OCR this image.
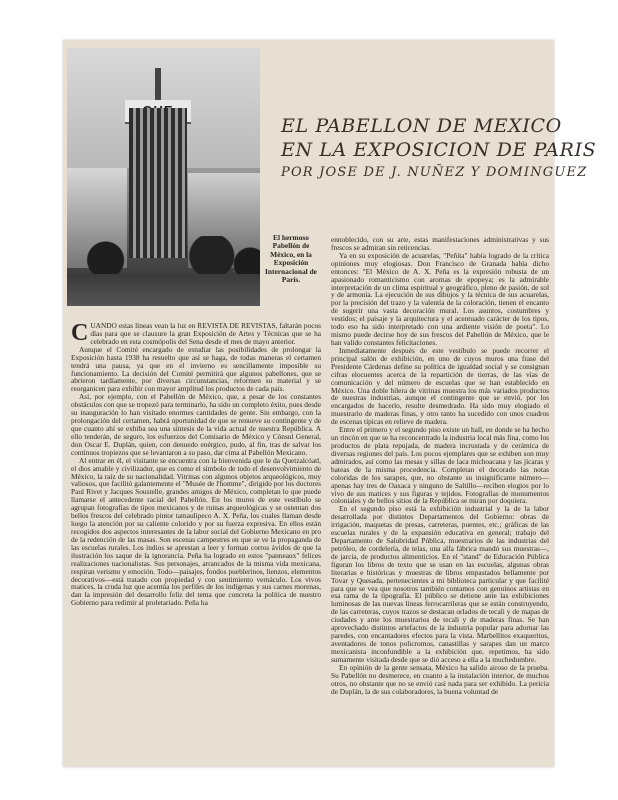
El hermoso Pabellón de México, en la Exposición Internacional de París.
EL PABELLON DE MEXICO
EN LA EXPOSICION DE PARIS
POR JOSE DE J. NUÑEZ Y DOMINGUEZ

CUANDO estas líneas vean la luz en REVISTA DE REVISTAS, faltarán pocos días para que se clausure la gran Exposición de Artes y Técnicas que se ha celebrado en esta cosmópolis del Sena desde el mes de mayo anterior.

Aunque el Comité encargado de estudiar las posibilidades de prolongar la Exposición hasta 1938 ha resuelto que así se haga, de todas maneras el certamen tendrá una pausa, ya que en el invierno es sencillamente imposible su funcionamiento. La decisión del Comité permitirá que algunos pabellones, que se abrieron tardíamente, por diversas circunstancias, reformen su material y se reorganicen para exhibir con mayor amplitud los productos de cada país.

Así, por ejemplo, con el Pabellón de México, que, a pesar de los constantes obstáculos con que se tropezó para terminarlo, ha sido un completo éxito, pues desde su inauguración lo han visitado enormes cantidades de gente. Sin embargo, con la prolongación del certamen, habrá oportunidad de que se renueve su contingente y de que cuanto ahí se exhiba sea una síntesis de la vida actual de nuestra República. A ello tenderán, de seguro, los esfuerzos del Comisario de México y Cónsul General, don Oscar E. Duplán, quien, con denuedo enérgico, pudo, al fin, tras de salvar los continuos tropiezos que se levantaron a su paso, dar cima al Pabellón Mexicano.

Al entrar en él, el visitante se encuentra con la bienvenida que le da Quetzalcóatl, el dios amable y civilizador, que es como el símbolo de todo el desenvolvimiento de México, la raíz de su nacionalidad. Vitrinas con algunos objetos arqueológicos, muy valiosos, que facilitó galantemente el "Musée de l'homme", dirigido por los doctores Paul Rivet y Jacques Soustelle, grandes amigos de México, completan lo que puede llamarse el antecedente racial del Pabellón. En los muros de este vestíbulo se agrupan fotografías de tipos mexicanos y de ruinas arqueológicas y se ostentan dos bellos frescos del celebrado pintor tamaulipeco A. X. Peña, los cuales llaman desde luego la atención por su caliente colorido y por su fuerza expresiva. En ellos están recogidos dos aspectos interesantes de la labor social del Gobierno Mexicano en pro de la redención de las masas. Son escenas campestres en que se ve la propaganda de las escuelas rurales. Los indios se aprestan a leer y forman corros ávidos de que la ilustración los saque de la ignorancia. Peña ha logrado en estos "panneaux" felices realizaciones nacionalistas. Sus personajes, arrancados de la misma vida mexicana, respiran verismo y emoción. Todo—paisajes, fondos pueblerinos, lienzos, elementos decorativos—está tratado con propiedad y con sentimiento vernáculo. Los vivos matices, la cruda luz que acentúa los perfiles de los indígenas y sus carnes morenas, dan la impresión del desarrollo feliz del tema que concreta la política de nuestro Gobierno para redimir al proletariado. Peña ha

ennoblecido, con su arte, estas manifestaciones administrativas y sus frescos se admiran sin reticencias.

Ya en su exposición de acuarelas, "Peñita" había logrado de la crítica opiniones muy elogiosas. Don Francisco de Granada había dicho entonces: "El México de A. X. Peña es la expresión robusta de un apasionado romanticismo con aromas de epopeya; es la admirable interpretación de un clima espiritual y geográfico, pleno de pasión, de sol y de armonía. La ejecución de sus dibujos y la técnica de sus acuarelas, por la precisión del trazo y la valentía de la coloración, tienen el encanto de sugerir una vasta decoración mural. Los asuntos, costumbres y vestidos; el paisaje y la arquitectura y el acentuado carácter de los tipos, todo eso ha sido interpretado con una ardiente visión de poeta". Lo mismo puede decirse hoy de sus frescos del Pabellón de México, que le han valido constantes felicitaciones.

Inmediatamente después de este vestíbulo se puede recorrer el principal salón de exhibición, en uno de cuyos muros una frase del Presidente Cárdenas define su política de igualdad social y se consignan cifras elocuentes acerca de la repartición de tierras, de las vías de comunicación y del número de escuelas que se han establecido en México. Una doble hilera de vitrinas muestra los más variados productos de nuestras industrias, aunque el contingente que se envió, por los encargados de hacerlo, resulte desmedrado. Ha sido muy elogiado el muestrario de maderas finas, y otro tanto ha sucedido con unos cuadros de escenas típicas en relieve de madera.

Entre el primero y el segundo piso existe un hall, en donde se ha hecho un rincón en que se ha reconcentrado la industria local más fina, como los productos de plata repujada, de madera incrustada y de cerámica de diversas regiones del país. Los pocos ejemplares que se exhiben son muy admirados, así como las mesas y sillas de laca michoacana y las jícaras y bateas de la misma procedencia. Completan el decorado las notas coloridas de los sarapes, que, no obstante su insignificante número—apenas hay tres de Oaxaca y ninguno de Saltillo—reciben elogios por lo vivo de sus matices y sus figuras y tejidos. Fotografías de monumentos coloniales y de bellos sitios de la República se miran por doquiera.

En el segundo piso está la exhibición industrial y la de la labor desarrollada por distintos Departamentos del Gobierno: obras de irrigación, maquetas de presas, carreteras, puentes, etc.; gráficas de las escuelas rurales y de la expansión educativa en general; trabajo del Departamento de Salubridad Pública, muestrarios de las industrias del petróleo, de cordelería, de telas, una alfa fábrica mandó sus muestras—, de jarcia, de productos alimenticios. En el "stand" de Educación Pública figuran los libros de texto que se usan en las escuelas, algunas obras literarias e históricas y muestras de libros empastados bellamente por Tovar y Quesada, pertenecientes a mi biblioteca particular y que facilité para que se vea que nosotros también contamos con genuinos artistas en esa rama de la tipografía. El público se detiene ante las exhibiciones luminosas de las nuevas líneas ferrocarrileras que se están construyendo, de las carreteras, cuyos trazos se destacan orlados de tecali y de mapas de ciudades y ante los muestrarios de tecali y de maderas finas. Se han aprovechado distintos artefactos de la industria popular para adornar las paredes, con encantadores efectos para la vista. Marbellitos exaqueritos, aventadores de tonos policromos, canastillas y sarapes dan un marco mexicanista inconfundible a la exhibición que, repetimos, ha sido sumamente visitada desde que se dió acceso a ella a la muchedumbre.

En opinión de la gente sensata, México ha salido airoso de la prueba. Su Pabellón no desmerece, en cuanto a la instalación interior, de muchos otros, no obstante que no se envió casi nada para ser exhibido. La pericia de Duplán, la de sus colaboradores, la buena voluntad de
